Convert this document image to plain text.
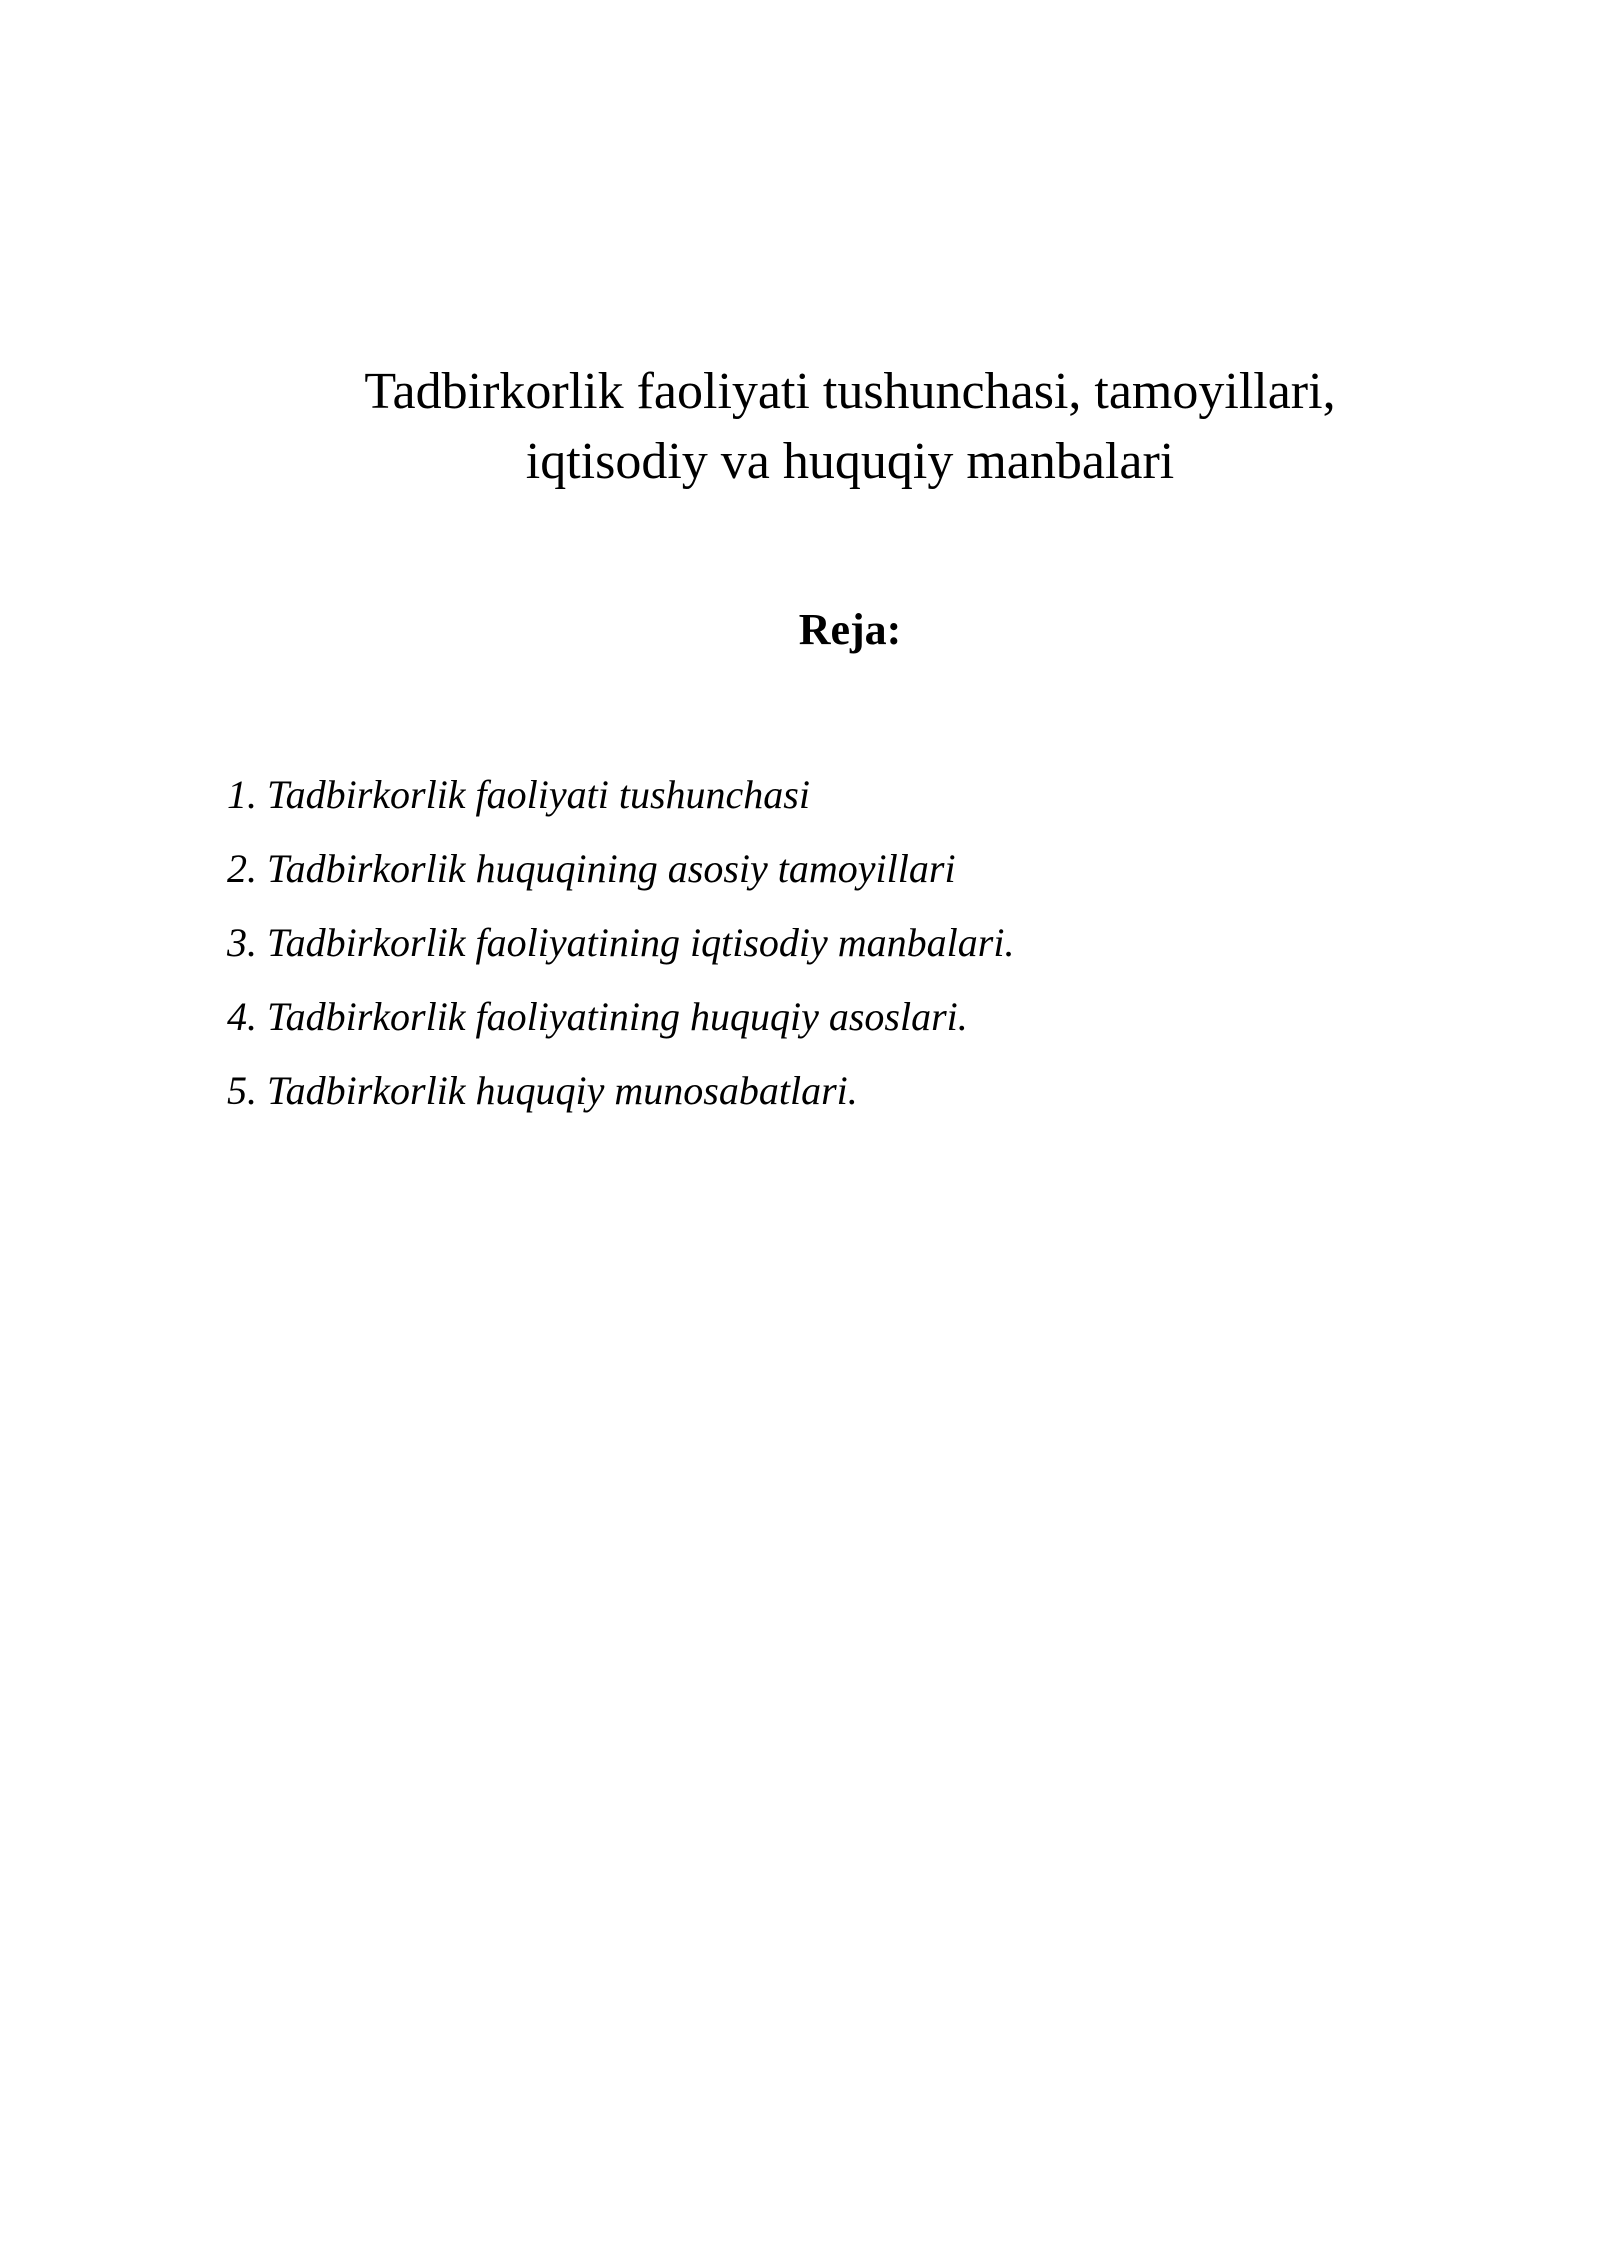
Tadbirkorlik faoliyati tushunchasi, tamoyillari,
iqtisodiy va huquqiy manbalari
Reja:
1. Tadbirkorlik faoliyati tushunchasi
2. Tadbirkorlik huquqining asosiy tamoyillari
3. Tadbirkorlik faoliyatining iqtisodiy manbalari.
4. Tadbirkorlik faoliyatining huquqiy asoslari.
5. Tadbirkorlik huquqiy munosabatlari.
